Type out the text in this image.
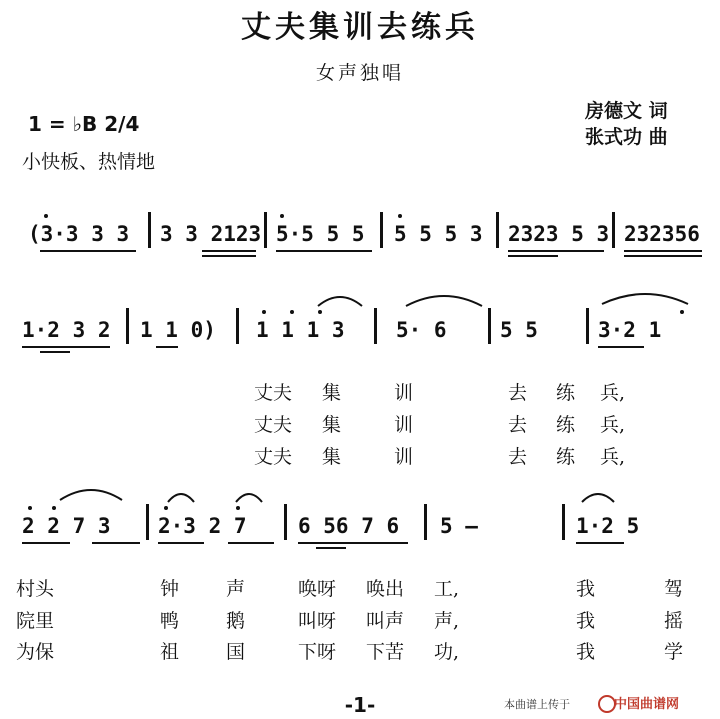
丈夫集训去练兵
女声独唱
1 = ♭B 2/4
小快板、热情地
房德文 词
张式功 曲
(3·3 3 3 3 3 2123 5·5 5 5 5 5 5 3 2323 5 3 232356
1·2 3 2 1 1 0) 1 1 1 3 5· 6	5 5	3·2 1
丈夫 集	训	去 练 兵,
丈夫 集	训	去 练 兵,
丈夫 集	训	去 练 兵,
2 2 7 3 2·3 2 7 6 56 7 6 5 —	1·2 5
村头	钟 声	唤呀 唤出 工,	我	驾
院里	鸭 鹅	叫呀 叫声 声,	我	摇
为保	祖 国	下呀 下苦 功,	我	学
-1-	本曲谱上传于	中国曲谱网
